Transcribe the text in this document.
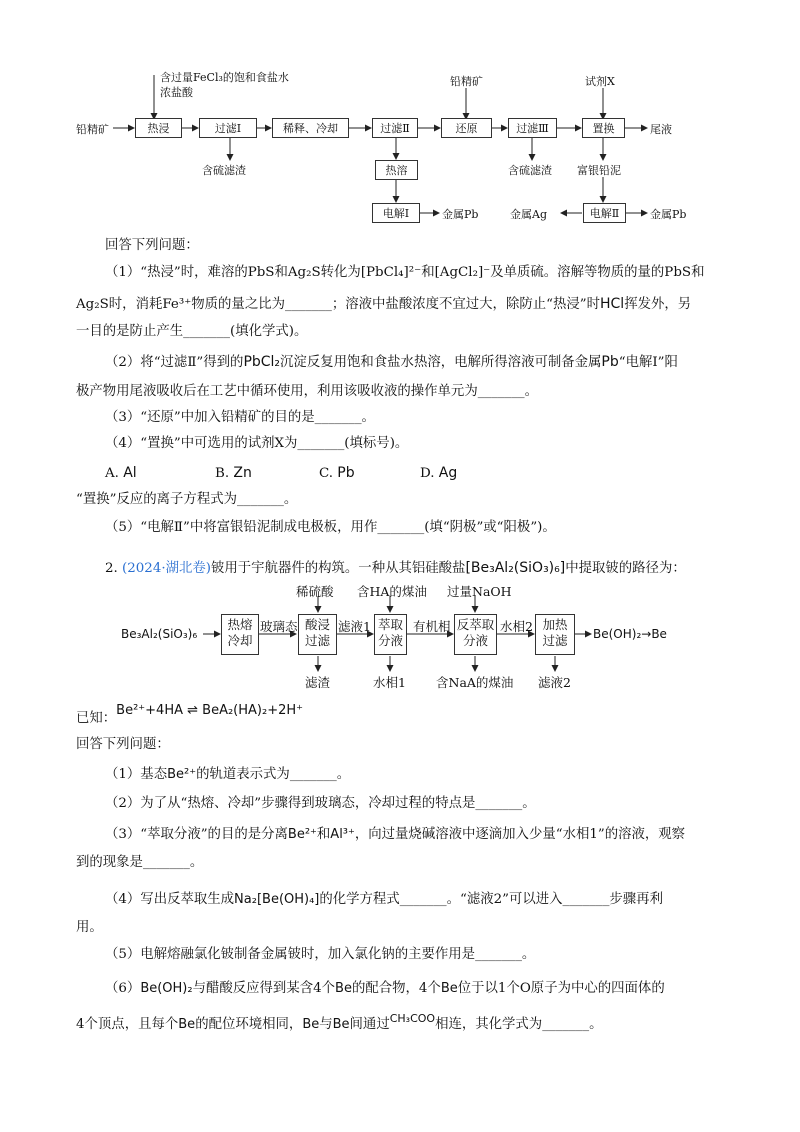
含过量FeCl₃的饱和食盐水
浓盐酸
铅精矿	热浸	过滤Ⅰ	稀释、冷却	过滤Ⅱ	还原	过滤Ⅲ	置换
热溶
电解Ⅰ	电解Ⅱ
铅精矿	试剂X
尾液
含硫滤渣	含硫滤渣 富银铅泥
金属Pb	金属Ag	金属Pb
回答下列问题：
（1）“热浸”时，难溶的PbS和Ag₂S转化为[PbCl₄]²⁻和[AgCl₂]⁻及单质硫。溶解等物质的量的PbS和
Ag₂S时，消耗Fe³⁺物质的量之比为_______；溶液中盐酸浓度不宜过大，除防止“热浸”时HCl挥发外，另
一目的是防止产生_______(填化学式)。
（2）将“过滤Ⅱ”得到的PbCl₂沉淀反复用饱和食盐水热溶，电解所得溶液可制备金属Pb“电解Ⅰ”阳
极产物用尾液吸收后在工艺中循环使用，利用该吸收液的操作单元为_______。
（3）“还原”中加入铅精矿的目的是_______。
（4）“置换”中可选用的试剂X为_______(填标号)。
A. Al	B. Zn	C. Pb	D. Ag
“置换”反应的离子方程式为_______。
（5）“电解Ⅱ”中将富银铅泥制成电极板，用作_______(填“阴极”或“阳极”)。
2. (2024·湖北卷)铍用于宇航器件的构筑。一种从其铝硅酸盐[Be₃Al₂(SiO₃)₆]中提取铍的路径为：
Be₃Al₂(SiO₃)₆
热熔
冷却
玻璃态 酸浸
过滤
稀硫酸
滤渣
滤液1 萃取
分液
含HA的煤油
水相1
有机相 反萃取
分液
过量NaOH
含NaA的煤油
水相2 加热
过滤
滤液2
Be(OH)₂→Be
已知：Be²⁺+4HA ⇌ BeA₂(HA)₂+2H⁺
回答下列问题：
（1）基态Be²⁺的轨道表示式为_______。
（2）为了从“热熔、冷却”步骤得到玻璃态，冷却过程的特点是_______。
（3）“萃取分液”的目的是分离Be²⁺和Al³⁺，向过量烧碱溶液中逐滴加入少量“水相1”的溶液，观察
到的现象是_______。
（4）写出反萃取生成Na₂[Be(OH)₄]的化学方程式_______。“滤液2”可以进入_______步骤再利
用。
（5）电解熔融氯化铍制备金属铍时，加入氯化钠的主要作用是_______。
（6）Be(OH)₂与醋酸反应得到某含4个Be的配合物，4个Be位于以1个O原子为中心的四面体的
4个顶点，且每个Be的配位环境相同，Be与Be间通过$^{CH_3COO}$相连，其化学式为_______。
